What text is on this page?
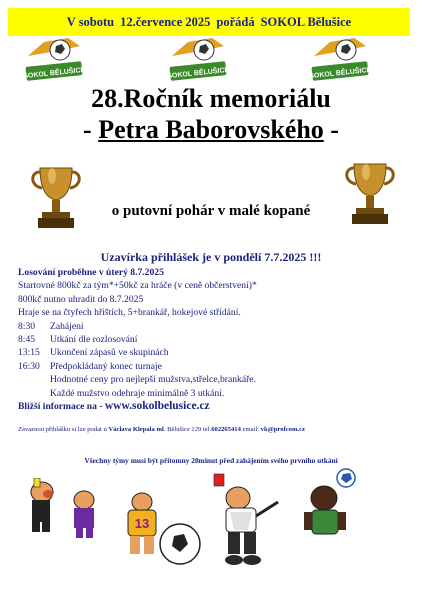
V sobotu 12.července 2025 pořádá SOKOL Bělušice
SOKOL BĚLUŠICE	SOKOL BĚLUŠICE	SOKOL BĚLUŠICE
28.Ročník memoriálu
- Petra Baborovského -
o putovní pohár v malé kopané
Uzavírka přihlášek je v pondělí 7.7.2025 !!!
Losování proběhne v úterý 8.7.2025
Startovné 800kč za tým*+50kč za hráče (v ceně občerstvení)*
800kč nutno uhradit do 8.7.2025
Hraje se na čtyřech hřištích, 5+brankář, hokejové střídání.
8:30 Zahájení
8:45 Utkání dle rozlosování
13:15 Ukončení zápasů ve skupinách
16:30 Předpokládaný konec turnaje
Hodnotné ceny pro nejlepší mužstva,střelce,brankáře.
Každé mužstvo odehraje minimálně 3 utkání.
Bližší informace na - www.sokolbelusice.cz
Závaznou přihlášku si lze podat u Václava Klepala ml. Bělušice 129 tel.602265414 email: vk@profcom.cz
Všechny týmy musí být přítomny 20minut před zahájením svého prvního utkání
13
